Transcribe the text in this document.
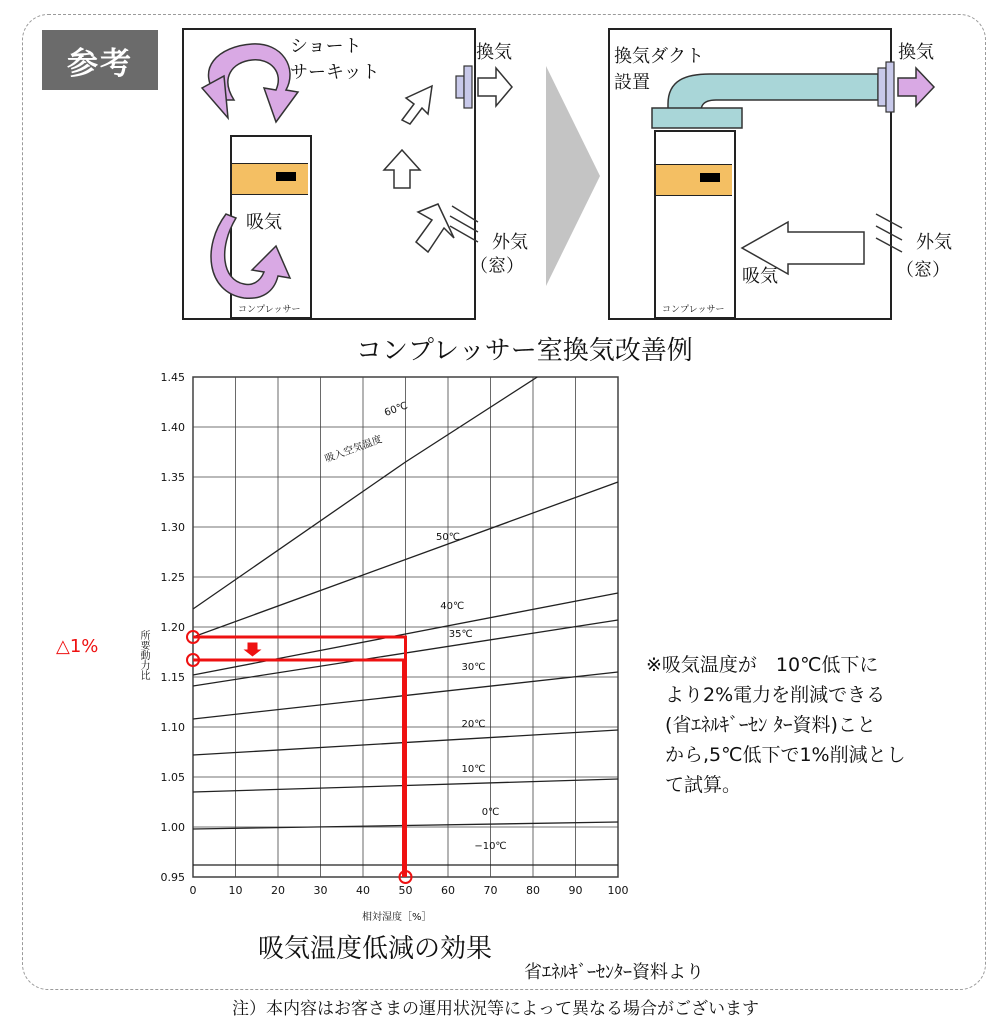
参考	ショート
サーキット
換気
外気
（窓）
吸気
コンプレッサー
換気ダクト
設置
換気
コンプレッサー
吸気
外気
（窓）
コンプレッサー室換気改善例
0	10	20	30	40	50	60	70	80	90 100
0.95
1.00
1.05
1.10
1.15
1.20
1.25
1.30
1.35
1.40
1.45
−10℃
0℃
10℃
20℃
30℃
35℃
40℃
50℃
吸入空気温度
60℃
相対湿度［%］
所要動力比
△1%
吸気温度低減の効果
省ｴﾈﾙｷﾞｰｾﾝﾀｰ資料より
※吸気温度が　10℃低下に
　より2%電力を削減できる
　(省ｴﾈﾙｷﾞｰｾﾝ ﾀｰ資料)こと
　から,5℃低下で1%削減とし
　て試算。
注）本内容はお客さまの運用状況等によって異なる場合がございます
